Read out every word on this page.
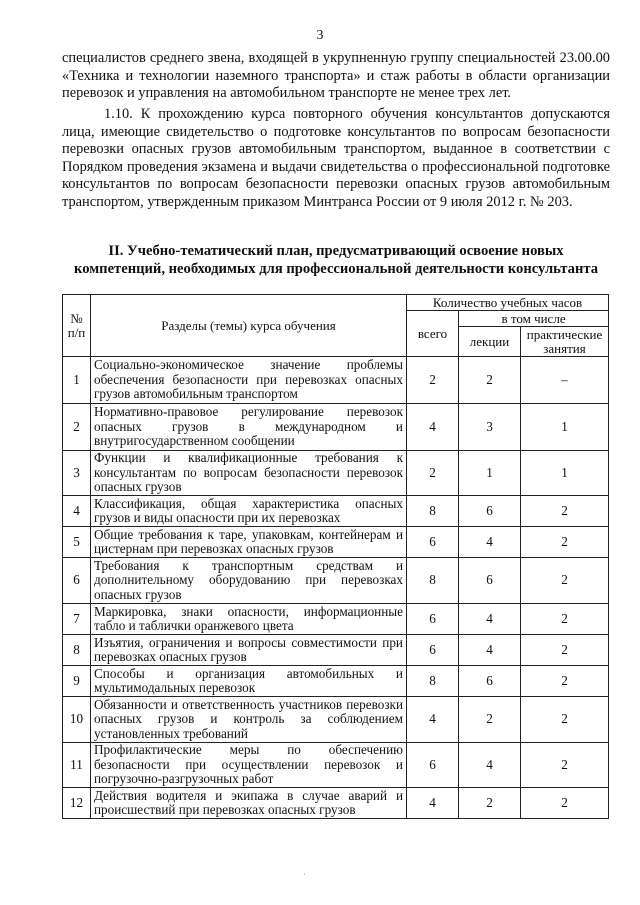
3

специалистов среднего звена, входящей в укрупненную группу специальностей 23.00.00 «Техника и технологии наземного транспорта» и стаж работы в области организации перевозок и управления на автомобильном транспорте не менее трех лет.

1.10. К прохождению курса повторного обучения консультантов допускаются лица, имеющие свидетельство о подготовке консультантов по вопросам безопасности перевозки опасных грузов автомобильным транспортом, выданное в соответствии с Порядком проведения экзамена и выдачи свидетельства о профессиональной подготовке консультантов по вопросам безопасности перевозки опасных грузов автомобильным транспортом, утвержденным приказом Минтранса России от 9 июля 2012 г. № 203.

II. Учебно-тематический план, предусматривающий освоение новых компетенций, необходимых для профессиональной деятельности консультанта
№ п/п	Разделы (темы) курса обучения	Количество учебных часов		
		всего	в том числе	
			лекции	практические занятия
1	Социально-экономическое значение проблемы обеспечения безопасности при перевозках опасных грузов автомобильным транспортом	2	2	–
2	Нормативно-правовое регулирование перевозок опасных грузов в международном и внутригосударственном сообщении	4	3	1
3	Функции и квалификационные требования к консультантам по вопросам безопасности перевозок опасных грузов	2	1	1
4	Классификация, общая характеристика опасных грузов и виды опасности при их перевозках	8	6	2
5	Общие требования к таре, упаковкам, контейнерам и цистернам при перевозках опасных грузов	6	4	2
6	Требования к транспортным средствам и дополнительному оборудованию при перевозках опасных грузов	8	6	2
7	Маркировка, знаки опасности, информационные табло и таблички оранжевого цвета	6	4	2
8	Изъятия, ограничения и вопросы совместимости при перевозках опасных грузов	6	4	2
9	Способы и организация автомобильных и мультимодальных перевозок	8	6	2
10	Обязанности и ответственность участников перевозки опасных грузов и контроль за соблюдением установленных требований	4	2	2
11	Профилактические меры по обеспечению безопасности при осуществлении перевозок и погрузочно-разгрузочных работ	6	4	2
12	Действия водителя и экипажа в случае аварий и происшествий при перевозках опасных грузов	4	2	2
·
